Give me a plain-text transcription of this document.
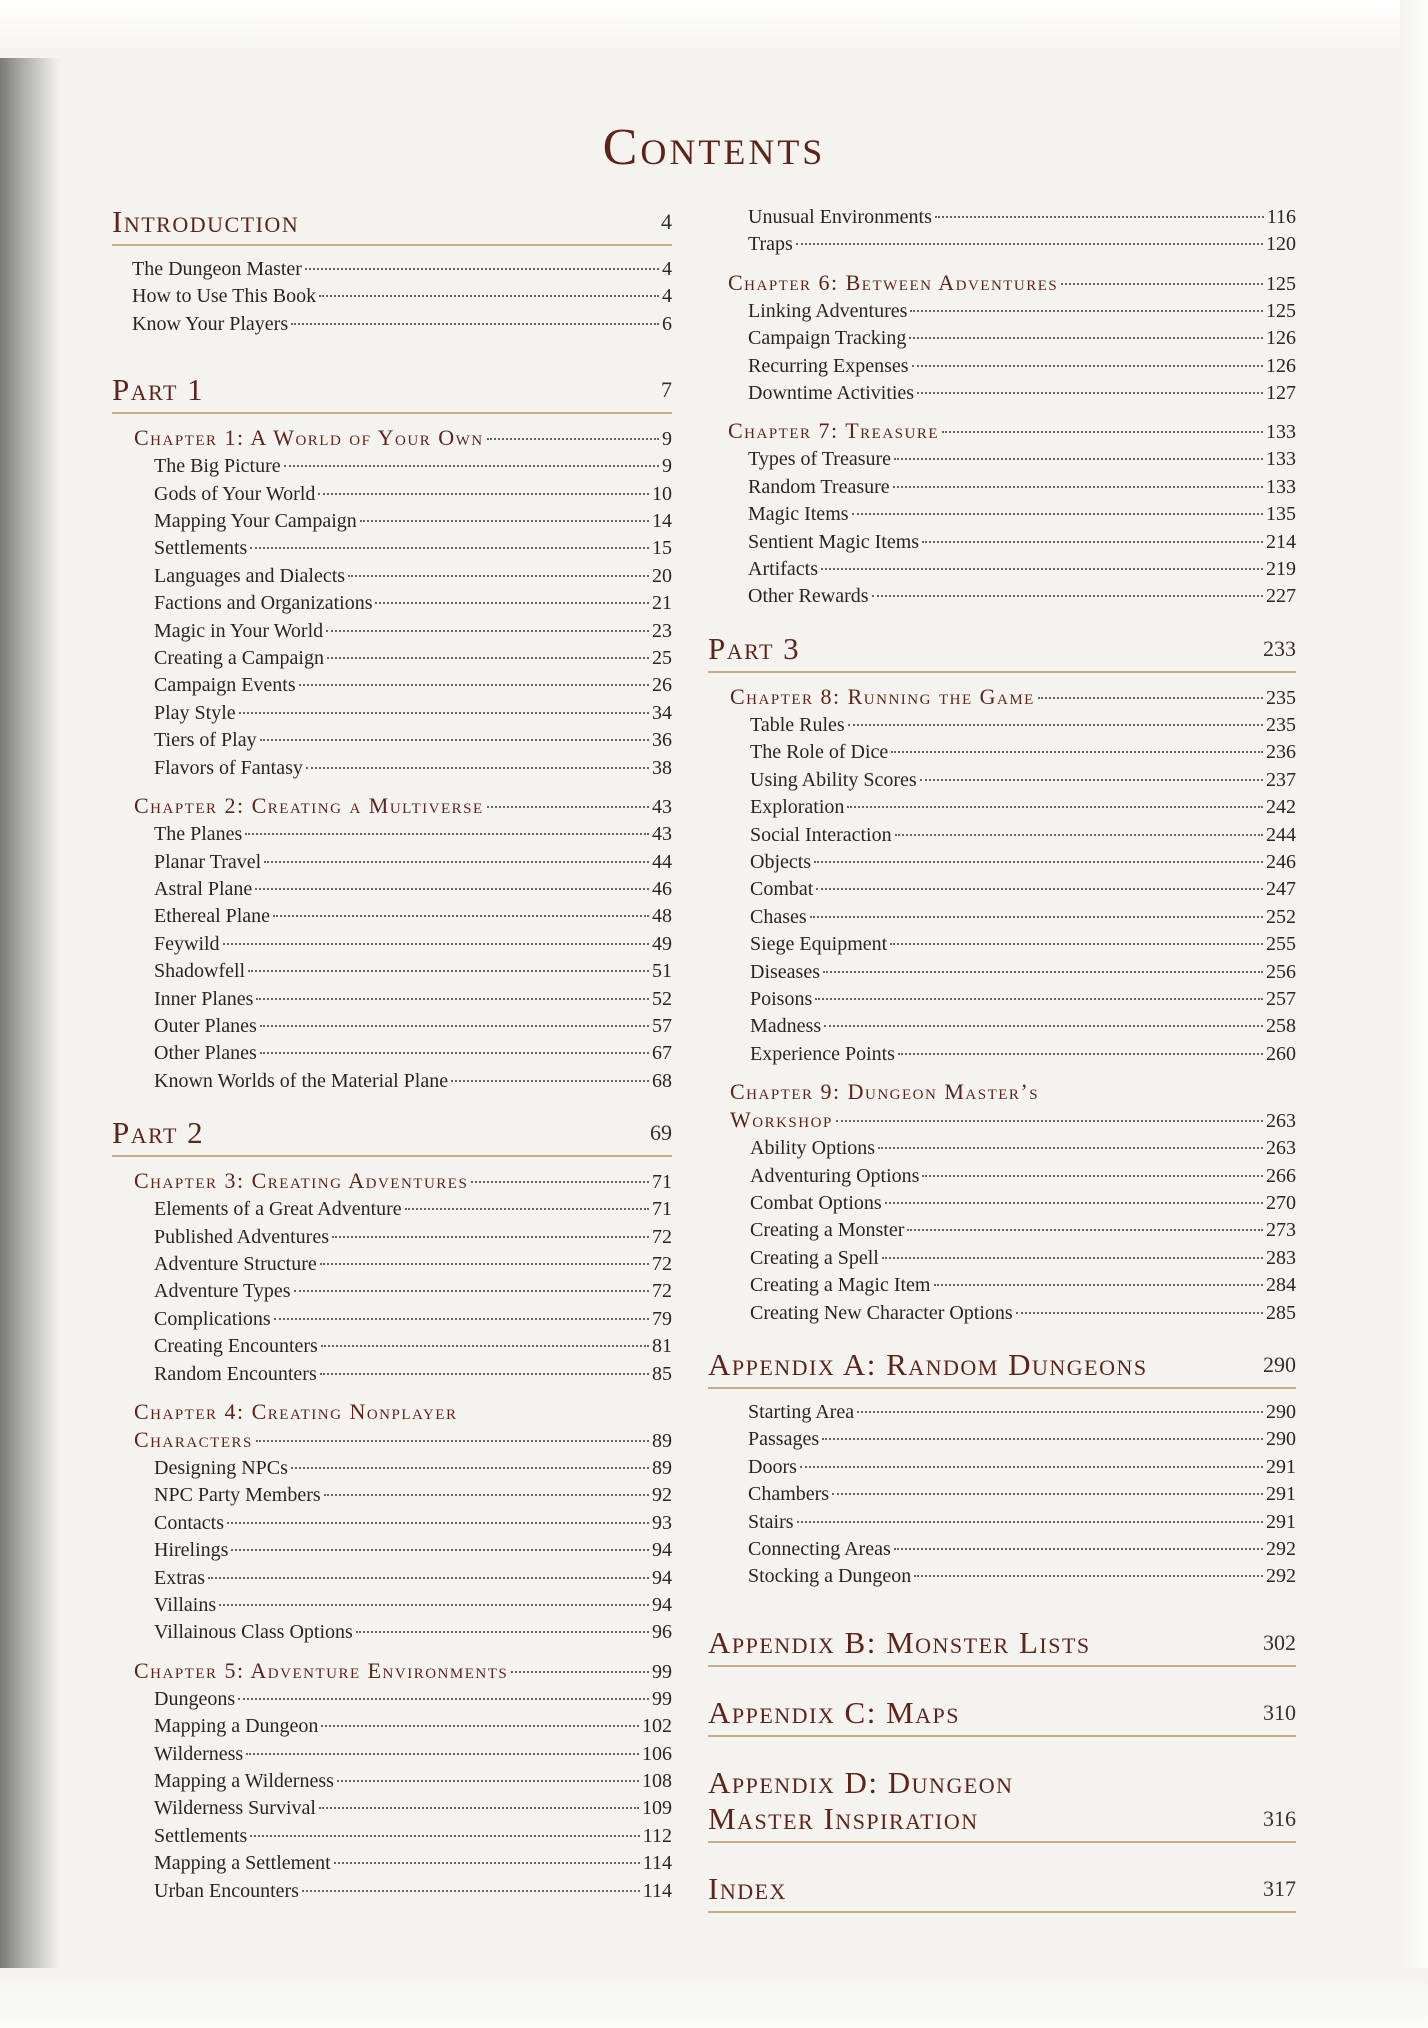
Contents
Introduction	4
The Dungeon Master	4
How to Use This Book	4
Know Your Players	6
Part 1	7
Chapter 1: A World of Your Own	9
The Big Picture	9
Gods of Your World	10
Mapping Your Campaign	14
Settlements	15
Languages and Dialects	20
Factions and Organizations	21
Magic in Your World	23
Creating a Campaign	25
Campaign Events	26
Play Style	34
Tiers of Play	36
Flavors of Fantasy	38
Chapter 2: Creating a Multiverse	43
The Planes	43
Planar Travel	44
Astral Plane	46
Ethereal Plane	48
Feywild	49
Shadowfell	51
Inner Planes	52
Outer Planes	57
Other Planes	67
Known Worlds of the Material Plane	68
Part 2	69
Chapter 3: Creating Adventures	71
Elements of a Great Adventure	71
Published Adventures	72
Adventure Structure	72
Adventure Types	72
Complications	79
Creating Encounters	81
Random Encounters	85
Chapter 4: Creating Nonplayer
Characters	89
Designing NPCs	89
NPC Party Members	92
Contacts	93
Hirelings	94
Extras	94
Villains	94
Villainous Class Options	96
Chapter 5: Adventure Environments	99
Dungeons	99
Mapping a Dungeon	102
Wilderness	106
Mapping a Wilderness	108
Wilderness Survival	109
Settlements	112
Mapping a Settlement	114
Urban Encounters	114
Unusual Environments	116
Traps	120
Chapter 6: Between Adventures	125
Linking Adventures	125
Campaign Tracking	126
Recurring Expenses	126
Downtime Activities	127
Chapter 7: Treasure	133
Types of Treasure	133
Random Treasure	133
Magic Items	135
Sentient Magic Items	214
Artifacts	219
Other Rewards	227
Part 3	233
Chapter 8: Running the Game	235
Table Rules	235
The Role of Dice	236
Using Ability Scores	237
Exploration	242
Social Interaction	244
Objects	246
Combat	247
Chases	252
Siege Equipment	255
Diseases	256
Poisons	257
Madness	258
Experience Points	260
Chapter 9: Dungeon Master’s
Workshop	263
Ability Options	263
Adventuring Options	266
Combat Options	270
Creating a Monster	273
Creating a Spell	283
Creating a Magic Item	284
Creating New Character Options	285
Appendix A: Random Dungeons	290
Starting Area	290
Passages	290
Doors	291
Chambers	291
Stairs	291
Connecting Areas	292
Stocking a Dungeon	292
Appendix B: Monster Lists	302
Appendix C: Maps	310
Appendix D: Dungeon
Master Inspiration	316
Index	317
